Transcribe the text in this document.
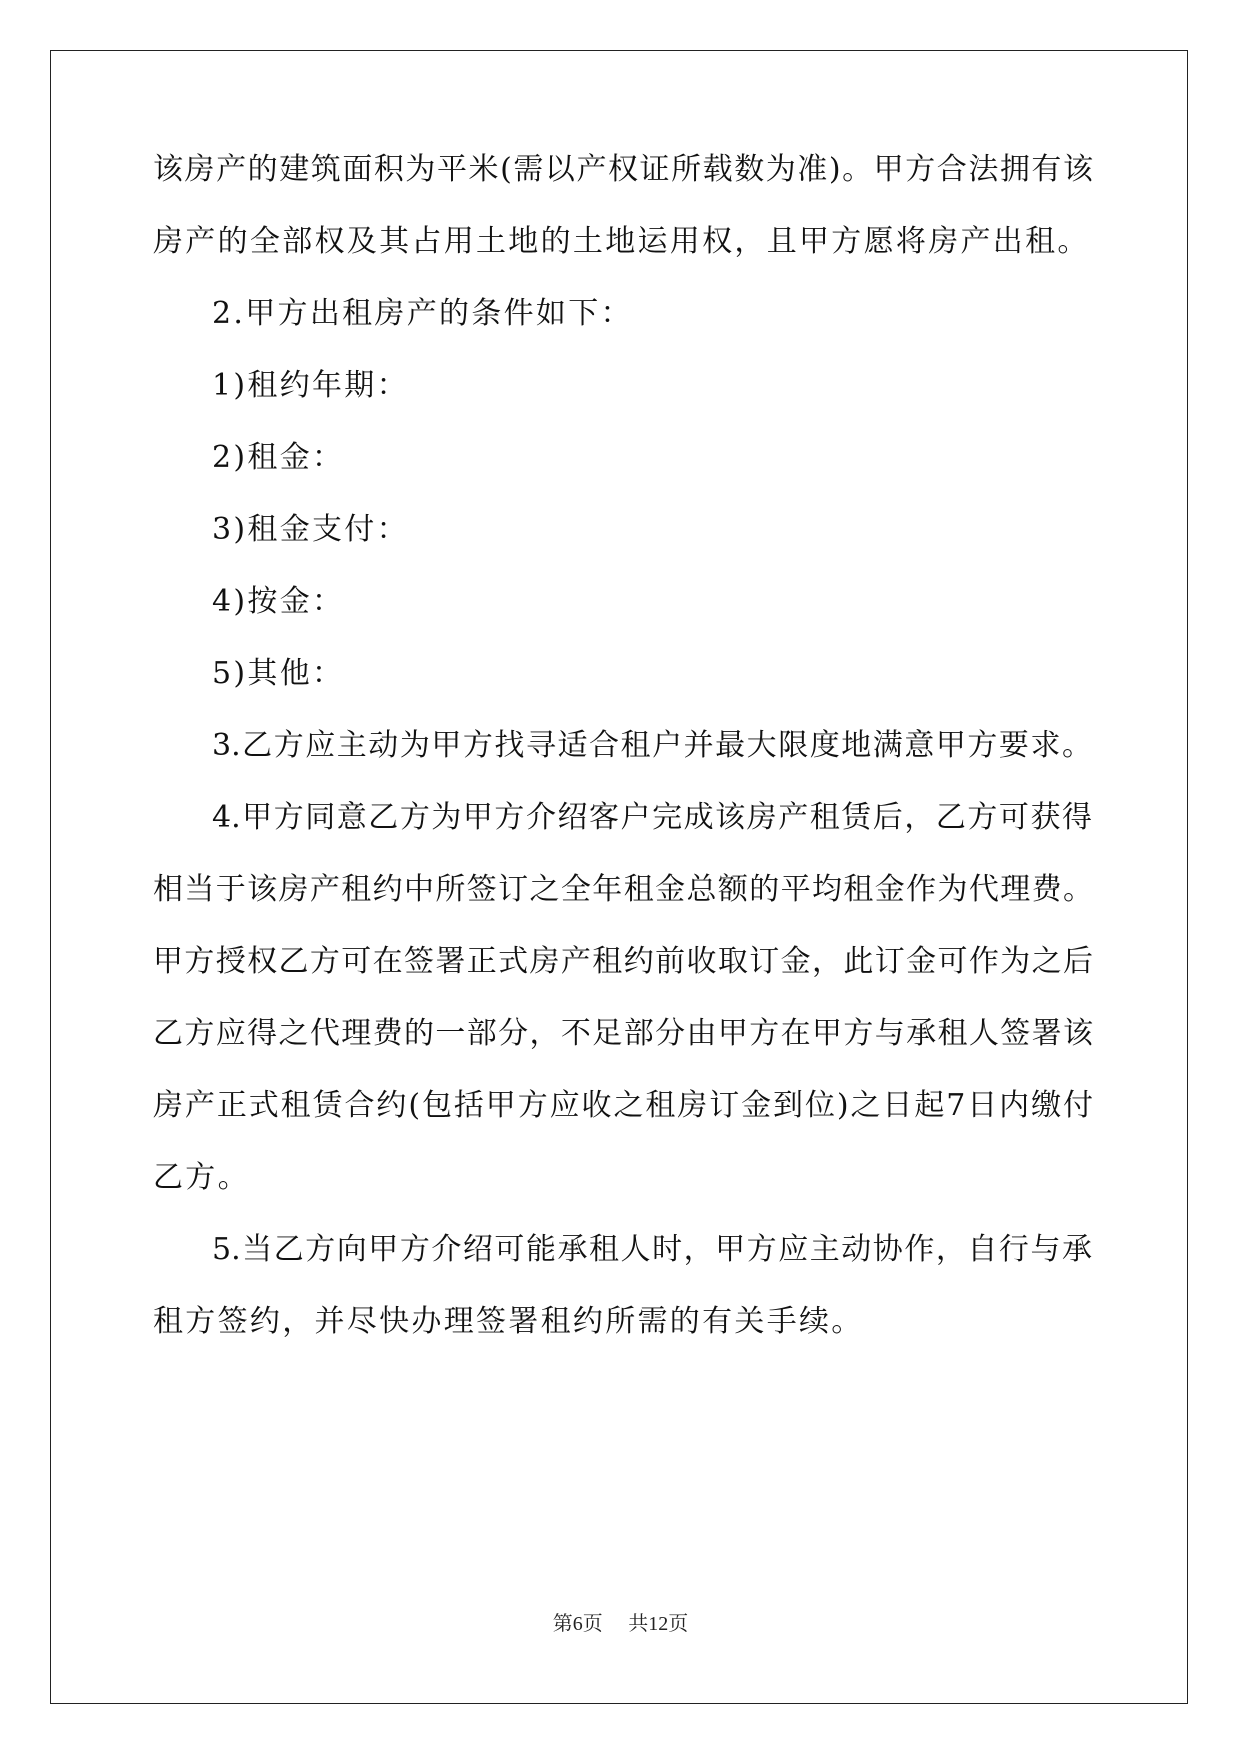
该房产的建筑面积为平米(需以产权证所载数为准)。甲方合法拥有该
房产的全部权及其占用土地的土地运用权，且甲方愿将房产出租。
2.甲方出租房产的条件如下：
1)租约年期：
2)租金：
3)租金支付：
4)按金：
5)其他：
3.乙方应主动为甲方找寻适合租户并最大限度地满意甲方要求。
4.甲方同意乙方为甲方介绍客户完成该房产租赁后，乙方可获得
相当于该房产租约中所签订之全年租金总额的平均租金作为代理费。
甲方授权乙方可在签署正式房产租约前收取订金，此订金可作为之后
乙方应得之代理费的一部分，不足部分由甲方在甲方与承租人签署该
房产正式租赁合约(包括甲方应收之租房订金到位)之日起7日内缴付
乙方。
5.当乙方向甲方介绍可能承租人时，甲方应主动协作，自行与承
租方签约，并尽快办理签署租约所需的有关手续。
第6页 共12页
